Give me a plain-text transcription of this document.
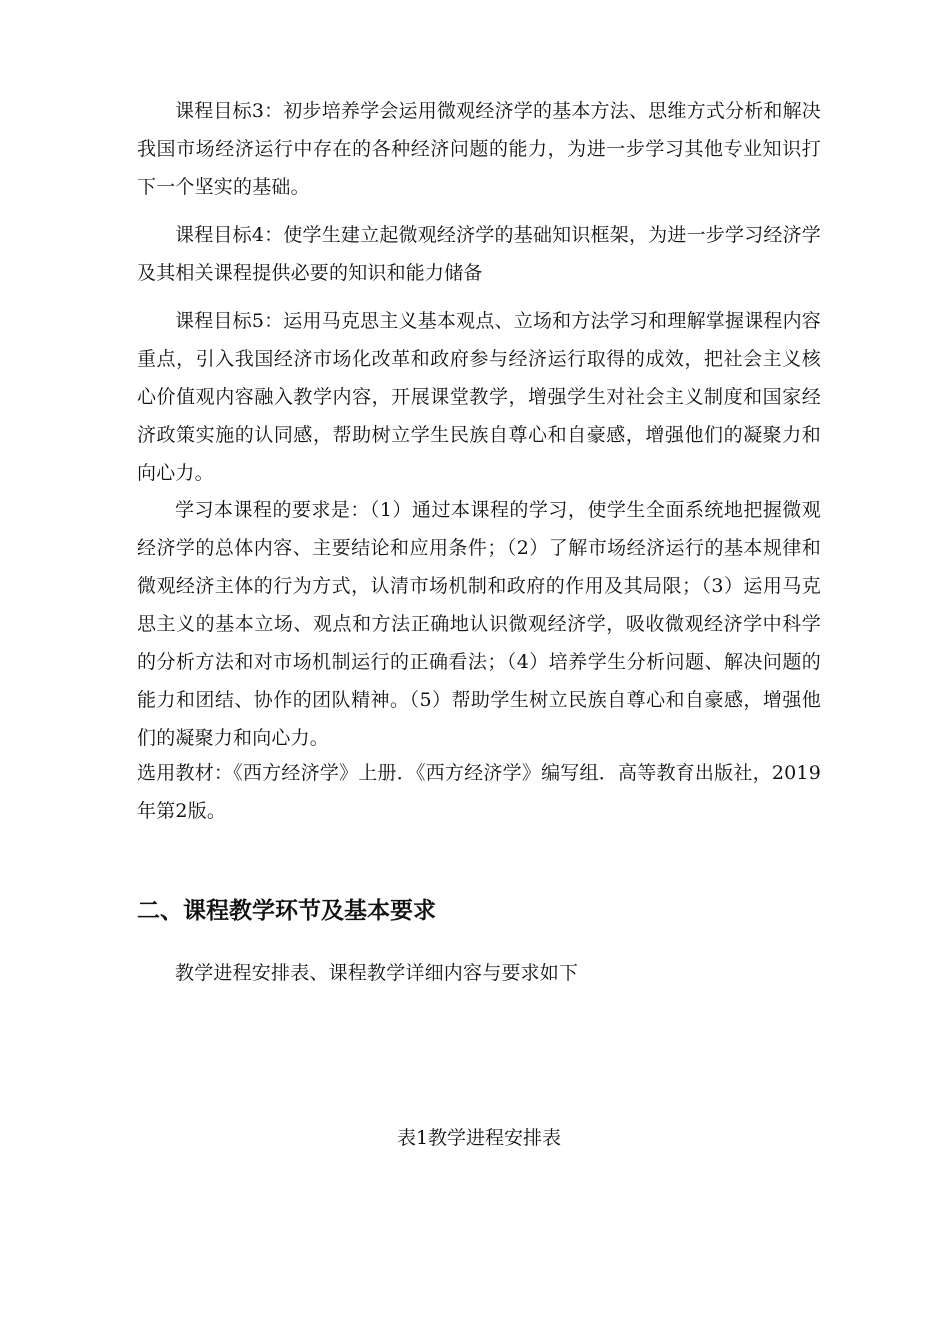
课程目标3：初步培养学会运用微观经济学的基本方法、思维方式分析和解决我国市场经济运行中存在的各种经济问题的能力，为进一步学习其他专业知识打下一个坚实的基础。

课程目标4：使学生建立起微观经济学的基础知识框架，为进一步学习经济学及其相关课程提供必要的知识和能力储备

课程目标5：运用马克思主义基本观点、立场和方法学习和理解掌握课程内容重点，引入我国经济市场化改革和政府参与经济运行取得的成效，把社会主义核心价值观内容融入教学内容，开展课堂教学，增强学生对社会主义制度和国家经济政策实施的认同感，帮助树立学生民族自尊心和自豪感，增强他们的凝聚力和向心力。

学习本课程的要求是：（1）通过本课程的学习，使学生全面系统地把握微观经济学的总体内容、主要结论和应用条件；（2）了解市场经济运行的基本规律和微观经济主体的行为方式，认清市场机制和政府的作用及其局限；（3）运用马克思主义的基本立场、观点和方法正确地认识微观经济学，吸收微观经济学中科学的分析方法和对市场机制运行的正确看法；（4）培养学生分析问题、解决问题的能力和团结、协作的团队精神。（5）帮助学生树立民族自尊心和自豪感，增强他们的凝聚力和向心力。

选用教材：《西方经济学》上册．《西方经济学》编写组．高等教育出版社，2019年第2版。

二、课程教学环节及基本要求

教学进程安排表、课程教学详细内容与要求如下

表1教学进程安排表
